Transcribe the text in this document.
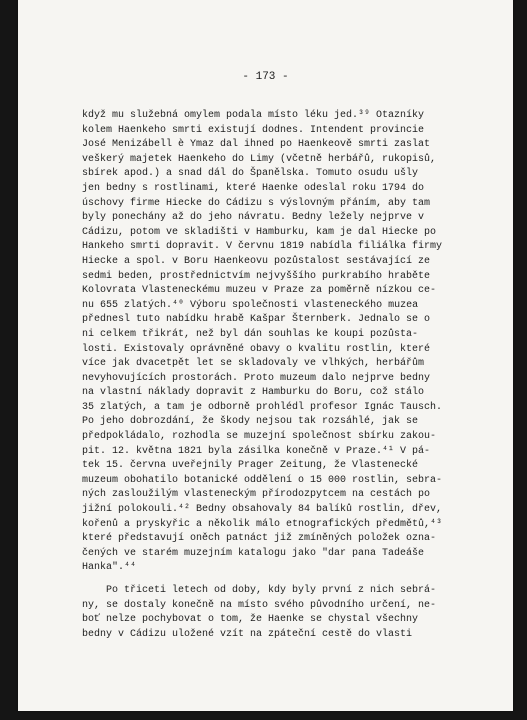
- 173 -
když mu služebná omylem podala místo léku jed.³⁹ Otazníky
kolem Haenkeho smrti existují dodnes. Intendent provincie
José Menizábell è Ymaz dal ihned po Haenkeově smrti zaslat
veškerý majetek Haenkeho do Limy (včetně herbářů, rukopisů,
sbírek apod.) a snad dál do Španělska. Tomuto osudu ušly
jen bedny s rostlinami, které Haenke odeslal roku 1794 do
úschovy firme Hiecke do Cádizu s výslovným přáním, aby tam
byly ponechány až do jeho návratu. Bedny ležely nejprve v
Cádizu, potom ve skladišti v Hamburku, kam je dal Hiecke po
Hankeho smrti dopravit. V červnu 1819 nabídla filiálka firmy
Hiecke a spol. v Boru Haenkeovu pozůstalost sestávající ze
sedmi beden, prostřednictvím nejvyššího purkrabího hraběte
Kolovrata Vlasteneckému muzeu v Praze za poměrně nízkou ce-
nu 655 zlatých.⁴⁰ Výboru společnosti vlasteneckého muzea
přednesl tuto nabídku hrabě Kašpar Šternberk. Jednalo se o
ni celkem třikrát, než byl dán souhlas ke koupi pozůsta-
losti. Existovaly oprávněné obavy o kvalitu rostlin, které
více jak dvacetpět let se skladovaly ve vlhkých, herbářům
nevyhovujících prostorách. Proto muzeum dalo nejprve bedny
na vlastní náklady dopravit z Hamburku do Boru, což stálo
35 zlatých, a tam je odborně prohlédl profesor Ignác Tausch.
Po jeho dobrozdání, že škody nejsou tak rozsáhlé, jak se
předpokládalo, rozhodla se muzejní společnost sbírku zakou-
pit. 12. května 1821 byla zásilka konečně v Praze.⁴¹ V pá-
tek 15. června uveřejnily Prager Zeitung, že Vlastenecké
muzeum obohatilo botanické oddělení o 15 000 rostlin, sebra-
ných zasloužilým vlasteneckým přírodozpytcem na cestách po
jižní polokouli.⁴² Bedny obsahovaly 84 balíků rostlin, dřev,
kořenů a pryskyřic a několik málo etnografických předmětů,⁴³
které představují oněch patnáct již zmíněných položek ozna-
čených ve starém muzejním katalogu jako "dar pana Tadeáše
Hanka".⁴⁴
Po třiceti letech od doby, kdy byly první z nich sebrá-
ny, se dostaly konečně na místo svého původního určení, ne-
boť nelze pochybovat o tom, že Haenke se chystal všechny
bedny v Cádizu uložené vzít na zpáteční cestě do vlasti
